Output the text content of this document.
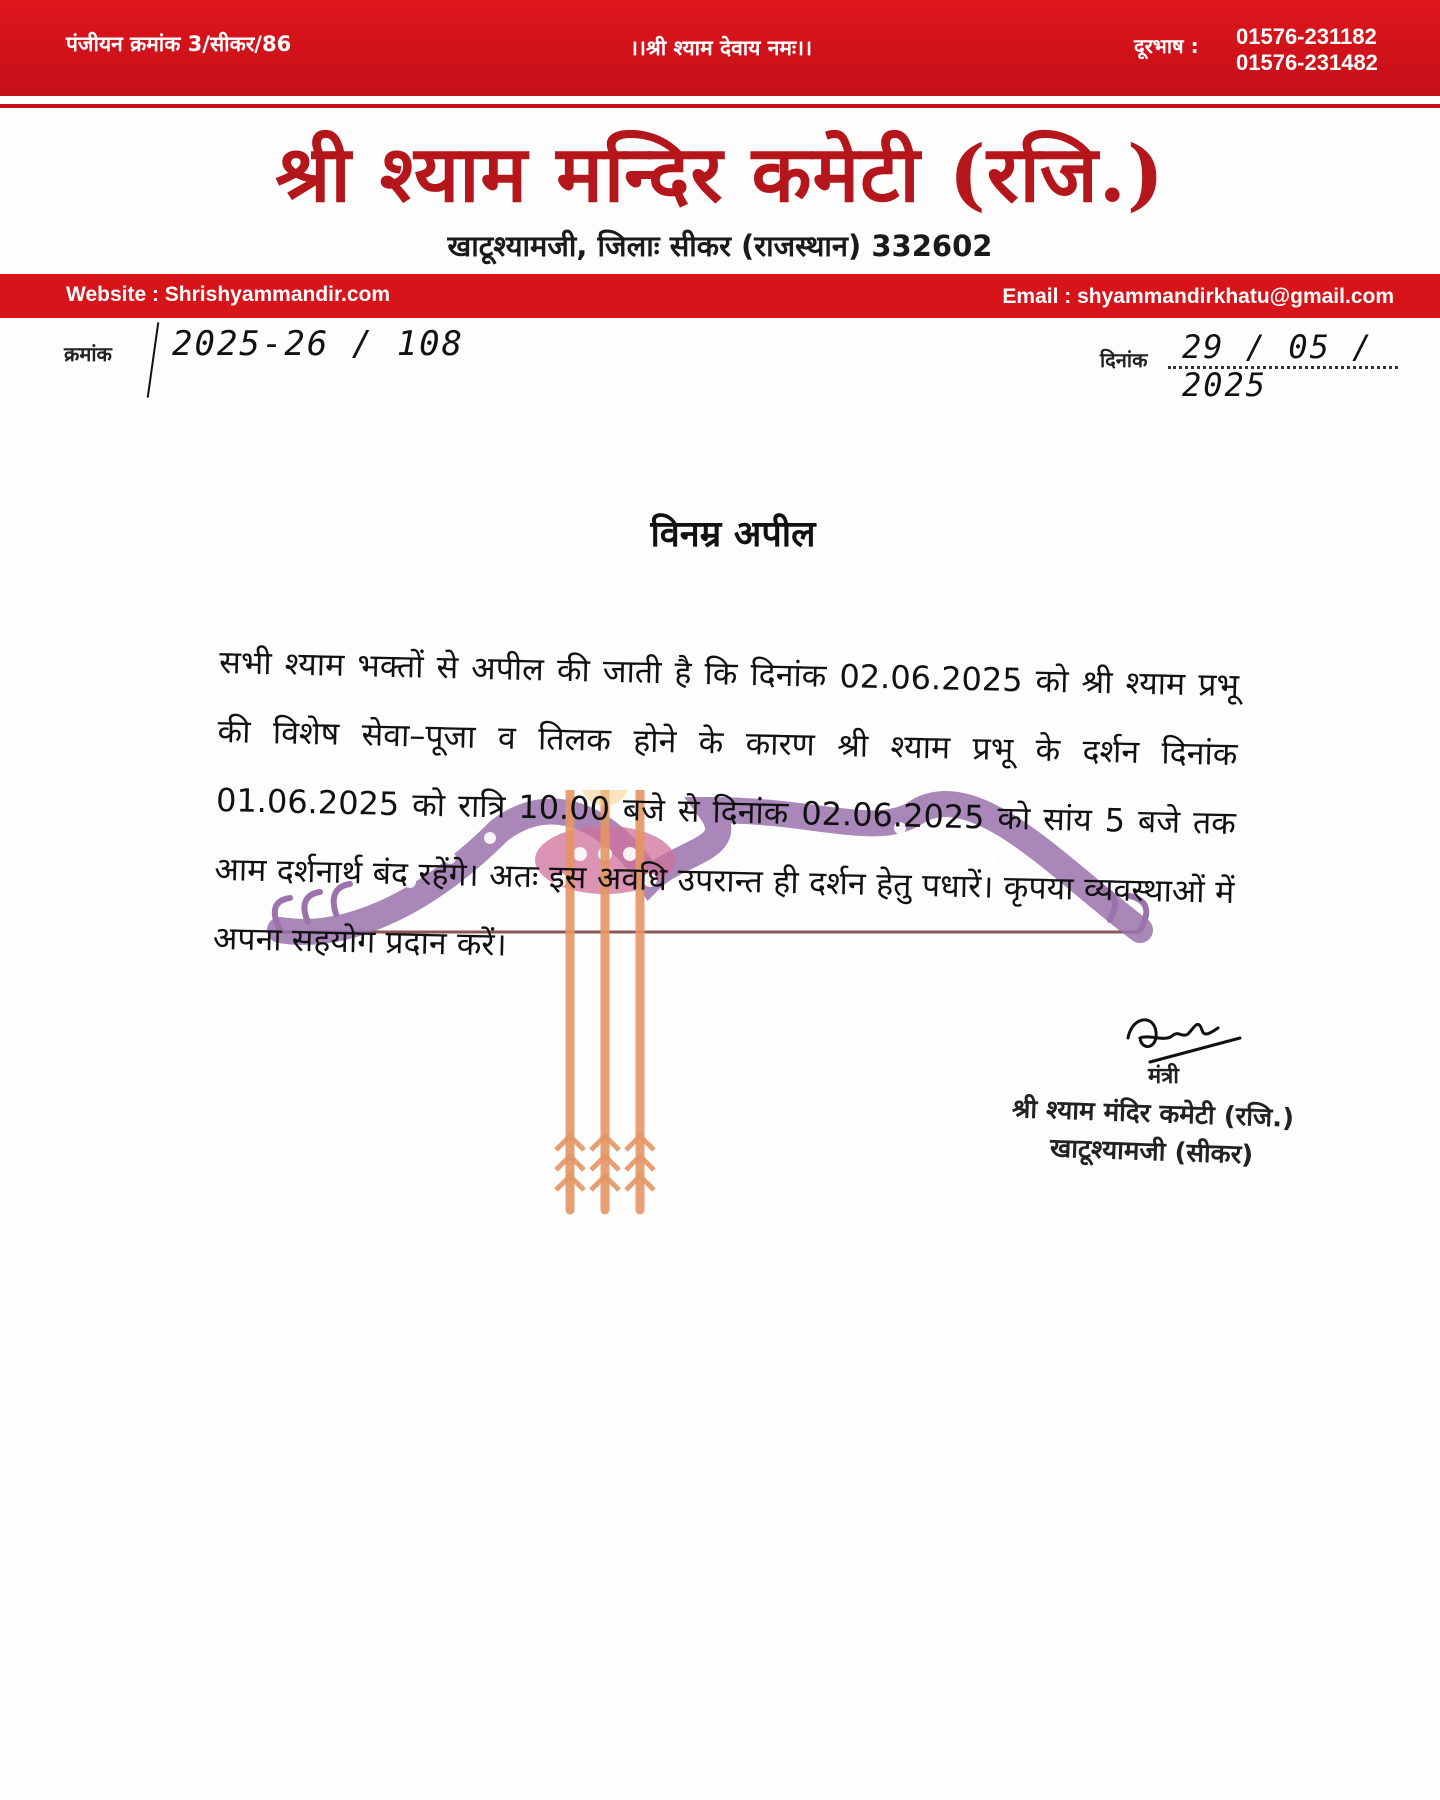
पंजीयन क्रमांक 3/सीकर/86	।।श्री श्याम देवाय नमः।।	दूरभाष : 01576-231182
01576-231482
श्री श्याम मन्दिर कमेटी (रजि.)
खाटूश्यामजी, जिलाः सीकर (राजस्थान) 332602
Website : Shrishyammandir.com	Email : shyammandirkhatu@gmail.com
क्रमांक 2025-26 / 108	दिनांक 29 / 05 / 2025
विनम्र अपील
सभी श्याम भक्तों से अपील की जाती है कि दिनांक 02.06.2025 को श्री श्याम प्रभू की विशेष सेवा–पूजा व तिलक होने के कारण श्री श्याम प्रभू के दर्शन दिनांक 01.06.2025 को रात्रि 10.00 बजे से दिनांक 02.06.2025 को सांय 5 बजे तक आम दर्शनार्थ बंद रहेंगे। अतः इस अवधि उपरान्त ही दर्शन हेतु पधारें। कृपया व्यवस्थाओं में अपना सहयोग प्रदान करें।
मंत्री
श्री श्याम मंदिर कमेटी (रजि.)
खाटूश्यामजी (सीकर)
